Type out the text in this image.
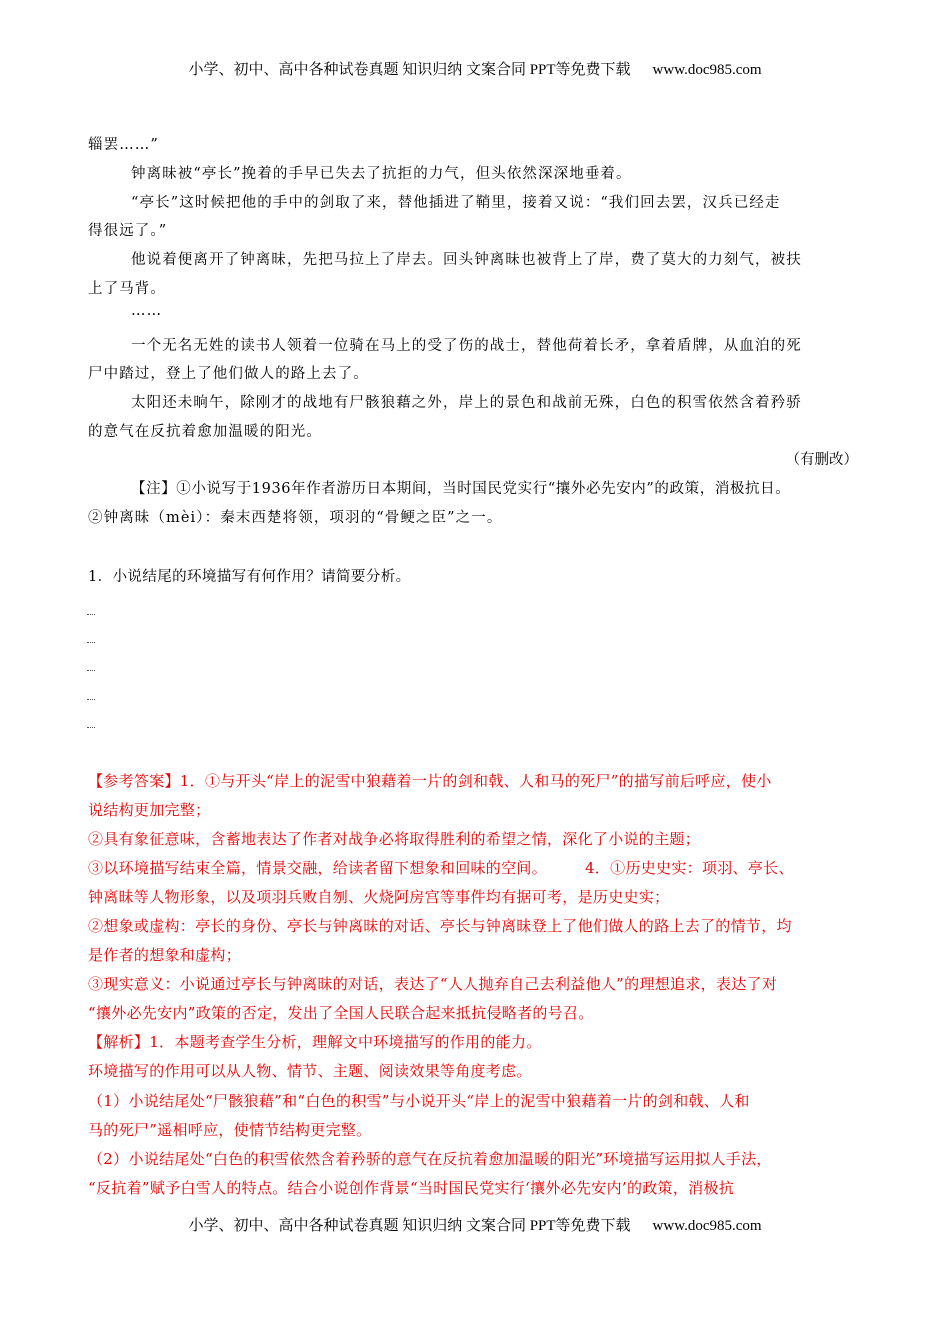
小学、初中、高中各种试卷真题 知识归纳 文案合同 PPT等免费下载 www.doc985.com
辎罢……”
钟离昧被“亭长”挽着的手早已失去了抗拒的力气，但头依然深深地垂着。
“亭长”这时候把他的手中的剑取了来，替他插进了鞘里，接着又说：“我们回去罢，汉兵已经走
得很远了。”
他说着便离开了钟离昧，先把马拉上了岸去。回头钟离昧也被背上了岸，费了莫大的力刻气，被扶
上了马背。
……
一个无名无姓的读书人领着一位骑在马上的受了伤的战士，替他荷着长矛，拿着盾牌，从血泊的死
尸中踏过，登上了他们做人的路上去了。
太阳还未晌午，除刚才的战地有尸骸狼藉之外，岸上的景色和战前无殊，白色的积雪依然含着矜骄
的意气在反抗着愈加温暖的阳光。
（有删改）
【注】①小说写于1936年作者游历日本期间，当时国民党实行“攘外必先安内”的政策，消极抗日。
②钟离昧（mèi）：秦末西楚将领，项羽的“骨鲠之臣”之一。
1．小说结尾的环境描写有何作用？请简要分析。
【参考答案】1．①与开头“岸上的泥雪中狼藉着一片的剑和戟、人和马的死尸”的描写前后呼应，使小
说结构更加完整；
②具有象征意味，含蓄地表达了作者对战争必将取得胜利的希望之情，深化了小说的主题；
③以环境描写结束全篇，情景交融，给读者留下想象和回味的空间。	4．①历史史实：项羽、亭长、
钟离昧等人物形象，以及项羽兵败自刎、火烧阿房宫等事件均有据可考，是历史史实；
②想象或虚构：亭长的身份、亭长与钟离昧的对话、亭长与钟离昧登上了他们做人的路上去了的情节，均
是作者的想象和虚构；
③现实意义：小说通过亭长与钟离昧的对话，表达了“人人抛弃自己去利益他人”的理想追求，表达了对
“攘外必先安内”政策的否定，发出了全国人民联合起来抵抗侵略者的号召。
【解析】1．本题考查学生分析，理解文中环境描写的作用的能力。
环境描写的作用可以从人物、情节、主题、阅读效果等角度考虑。
（1）小说结尾处“尸骸狼藉”和“白色的积雪”与小说开头“岸上的泥雪中狼藉着一片的剑和戟、人和
马的死尸”遥相呼应，使情节结构更完整。
（2）小说结尾处“白色的积雪依然含着矜骄的意气在反抗着愈加温暖的阳光”环境描写运用拟人手法，
“反抗着”赋予白雪人的特点。结合小说创作背景“当时国民党实行‘攘外必先安内’的政策，消极抗
小学、初中、高中各种试卷真题 知识归纳 文案合同 PPT等免费下载 www.doc985.com
